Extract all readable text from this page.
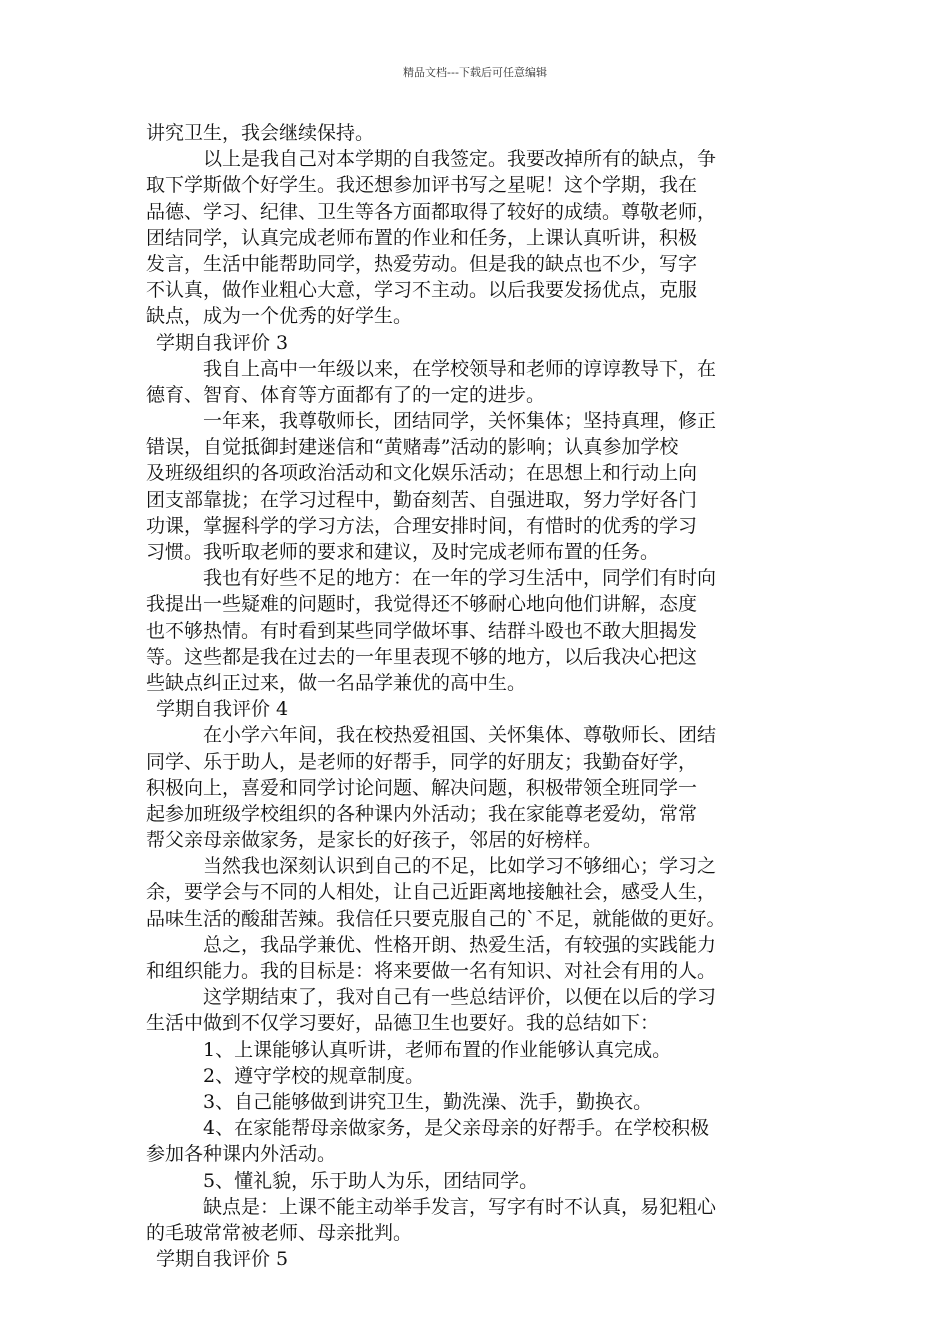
精品文档---下载后可任意编辑
讲究卫生，我会继续保持。
以上是我自己对本学期的自我签定。我要改掉所有的缺点，争
取下学斯做个好学生。我还想参加评书写之星呢！这个学期，我在
品德、学习、纪律、卫生等各方面都取得了较好的成绩。尊敬老师，
团结同学，认真完成老师布置的作业和任务，上课认真听讲，积极
发言，生活中能帮助同学，热爱劳动。但是我的缺点也不少，写字
不认真，做作业粗心大意，学习不主动。以后我要发扬优点，克服
缺点，成为一个优秀的好学生。
学期自我评价 3
我自上高中一年级以来，在学校领导和老师的谆谆教导下，在
德育、智育、体育等方面都有了的一定的进步。
一年来，我尊敬师长，团结同学，关怀集体；坚持真理，修正
错误，自觉抵御封建迷信和“黄赌毒”活动的影响；认真参加学校
及班级组织的各项政治活动和文化娱乐活动；在思想上和行动上向
团支部靠拢；在学习过程中，勤奋刻苦、自强进取，努力学好各门
功课，掌握科学的学习方法，合理安排时间，有惜时的优秀的学习
习惯。我听取老师的要求和建议，及时完成老师布置的任务。
我也有好些不足的地方：在一年的学习生活中，同学们有时向
我提出一些疑难的问题时，我觉得还不够耐心地向他们讲解，态度
也不够热情。有时看到某些同学做坏事、结群斗殴也不敢大胆揭发
等。这些都是我在过去的一年里表现不够的地方，以后我决心把这
些缺点纠正过来，做一名品学兼优的高中生。
学期自我评价 4
在小学六年间，我在校热爱祖国、关怀集体、尊敬师长、团结
同学、乐于助人，是老师的好帮手，同学的好朋友；我勤奋好学，
积极向上，喜爱和同学讨论问题、解决问题，积极带领全班同学一
起参加班级学校组织的各种课内外活动；我在家能尊老爱幼，常常
帮父亲母亲做家务，是家长的好孩子，邻居的好榜样。
当然我也深刻认识到自己的不足，比如学习不够细心；学习之
余，要学会与不同的人相处，让自己近距离地接触社会，感受人生，
品味生活的酸甜苦辣。我信任只要克服自己的`不足，就能做的更好。
总之，我品学兼优、性格开朗、热爱生活，有较强的实践能力
和组织能力。我的目标是：将来要做一名有知识、对社会有用的人。
这学期结束了，我对自己有一些总结评价，以便在以后的学习
生活中做到不仅学习要好，品德卫生也要好。我的总结如下：
1、上课能够认真听讲，老师布置的作业能够认真完成。
2、遵守学校的规章制度。
3、自己能够做到讲究卫生，勤洗澡、洗手，勤换衣。
4、在家能帮母亲做家务，是父亲母亲的好帮手。在学校积极
参加各种课内外活动。
5、懂礼貌，乐于助人为乐，团结同学。
缺点是：上课不能主动举手发言，写字有时不认真，易犯粗心
的毛玻常常被老师、母亲批判。
学期自我评价 5
